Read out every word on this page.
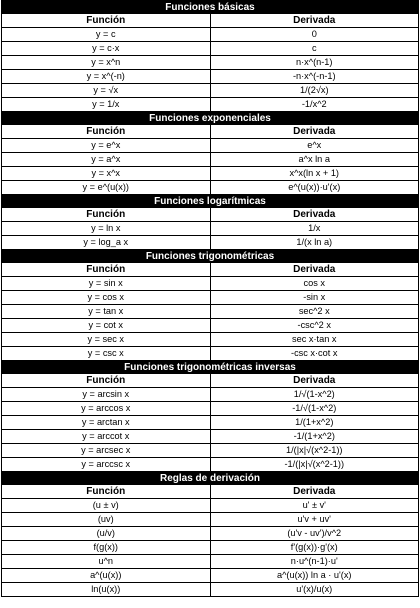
Funciones básicas
Función	Derivada
y = c	0
y = c·x	c
y = x^n	n·x^(n-1)
y = x^(-n)	-n·x^(-n-1)
y = √x	1/(2√x)
y = 1/x	-1/x^2
Funciones exponenciales
Función	Derivada
y = e^x	e^x
y = a^x	a^x ln a
y = x^x	x^x(ln x + 1)
y = e^(u(x))	e^(u(x))·u'(x)
Funciones logarítmicas
Función	Derivada
y = ln x	1/x
y = log_a x	1/(x ln a)
Funciones trigonométricas
Función	Derivada
y = sin x	cos x
y = cos x	-sin x
y = tan x	sec^2 x
y = cot x	-csc^2 x
y = sec x	sec x·tan x
y = csc x	-csc x·cot x
Funciones trigonométricas inversas
Función	Derivada
y = arcsin x	1/√(1-x^2)
y = arccos x	-1/√(1-x^2)
y = arctan x	1/(1+x^2)
y = arccot x	-1/(1+x^2)
y = arcsec x	1/(|x|√(x^2-1))
y = arccsc x	-1/(|x|√(x^2-1))
Reglas de derivación
Función	Derivada
(u ± v)	u' ± v'
(uv)	u'v + uv'
(u/v)	(u'v - uv')/v^2
f(g(x))	f'(g(x))·g'(x)
u^n	n·u^(n-1)·u'
a^(u(x))	a^(u(x)) ln a · u'(x)
ln(u(x))	u'(x)/u(x)
